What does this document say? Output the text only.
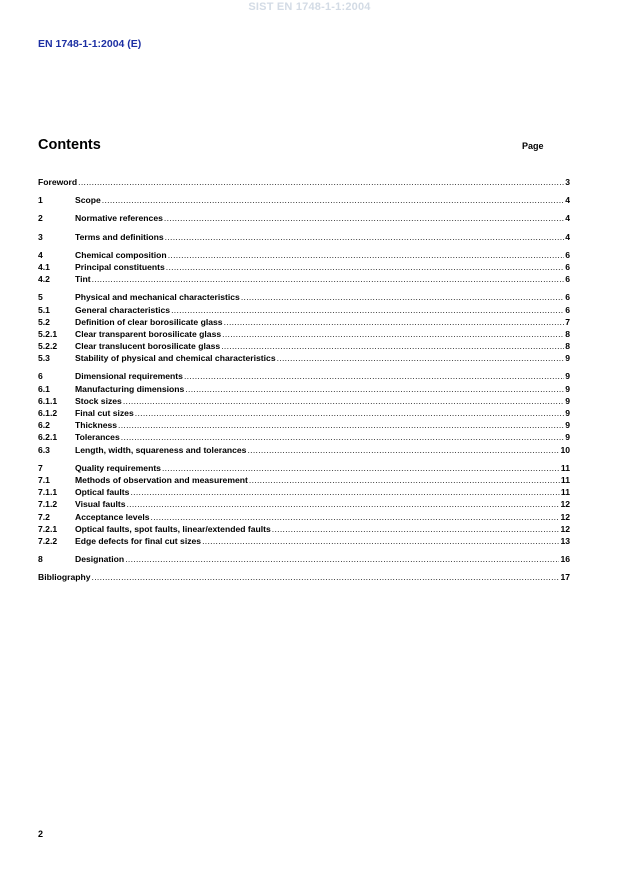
SIST EN 1748-1-1:2004
EN 1748-1-1:2004 (E)
Contents	Page
Foreword .....	3
1	Scope .....	4
2	Normative references .....	4
3	Terms and definitions .....	4
4	Chemical composition .....	6
4.1	Principal constituents .....	6
4.2	Tint .....	6
5	Physical and mechanical characteristics .....	6
5.1	General characteristics .....	6
5.2	Definition of clear borosilicate glass .....	7
5.2.1	Clear transparent borosilicate glass .....	8
5.2.2	Clear translucent borosilicate glass .....	8
5.3	Stability of physical and chemical characteristics .....	9
6	Dimensional requirements .....	9
6.1	Manufacturing dimensions .....	9
6.1.1	Stock sizes .....	9
6.1.2	Final cut sizes .....	9
6.2	Thickness .....	9
6.2.1	Tolerances .....	9
6.3	Length, width, squareness and tolerances .....	10
7	Quality requirements .....	11
7.1	Methods of observation and measurement .....	11
7.1.1	Optical faults .....	11
7.1.2	Visual faults .....	12
7.2	Acceptance levels .....	12
7.2.1	Optical faults, spot faults, linear/extended faults .....	12
7.2.2	Edge defects for final cut sizes .....	13
8	Designation .....	16
Bibliography .....	17
2
